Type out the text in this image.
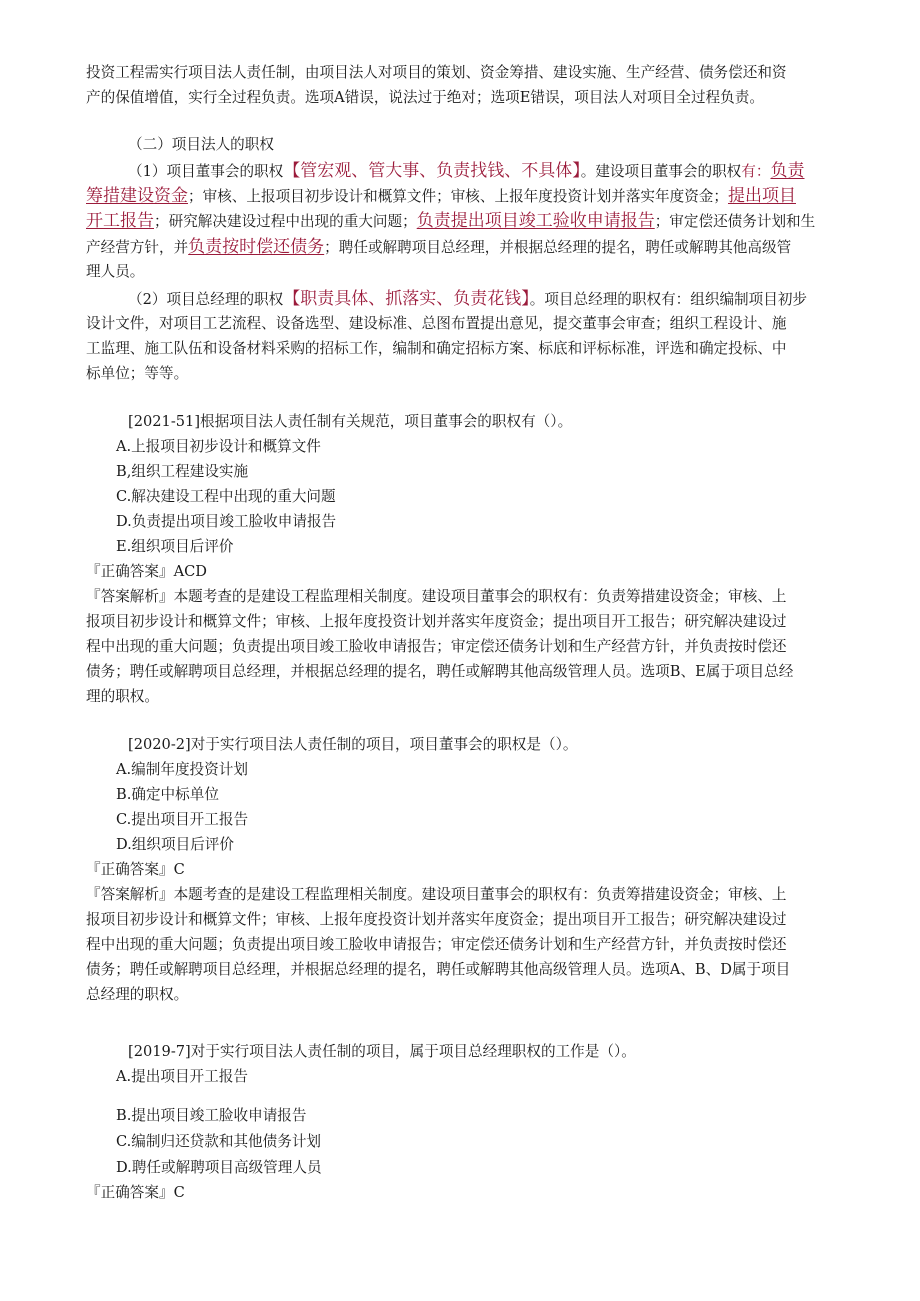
投资工程需实行项目法人责任制，由项目法人对项目的策划、资金筹措、建设实施、生产经营、债务偿还和资
产的保值增值，实行全过程负责。选项A错误，说法过于绝对；选项E错误，项目法人对项目全过程负责。
（二）项目法人的职权
（1）项目董事会的职权【管宏观、管大事、负责找钱、不具体】。建设项目董事会的职权有：负责
筹措建设资金；审核、上报项目初步设计和概算文件；审核、上报年度投资计划并落实年度资金；提出项目
开工报告；研究解决建设过程中出现的重大问题；负责提出项目竣工验收申请报告；审定偿还债务计划和生
产经营方针，并负责按时偿还债务；聘任或解聘项目总经理，并根据总经理的提名，聘任或解聘其他高级管
理人员。
（2）项目总经理的职权【职责具体、抓落实、负责花钱】。项目总经理的职权有：组织编制项目初步
设计文件，对项目工艺流程、设备选型、建设标准、总图布置提出意见，提交董事会审查；组织工程设计、施
工监理、施工队伍和设备材料采购的招标工作，编制和确定招标方案、标底和评标标准，评选和确定投标、中
标单位；等等。
[2021-51]根据项目法人责任制有关规范，项目董事会的职权有（）。
A.上报项目初步设计和概算文件
B,组织工程建设实施
C.解决建设工程中出现的重大问题
D.负责提出项目竣工脸收申请报告
E.组织项目后评价
『正确答案』ACD
『答案解析』本题考查的是建设工程监理相关制度。建设项目董事会的职权有：负责筹措建设资金；审核、上
报项目初步设计和概算文件；审核、上报年度投资计划并落实年度资金；提出项目开工报告；研究解决建设过
程中出现的重大问题；负责提出项目竣工脸收申请报告；审定偿还债务计划和生产经营方针，并负责按时偿还
债务；聘任或解聘项目总经理，并根据总经理的提名，聘任或解聘其他高级管理人员。选项B、E属于项目总经
理的职权。
[2020-2]对于实行项目法人责任制的项目，项目董事会的职权是（）。
A.编制年度投资计划
B.确定中标单位
C.提出项目开工报告
D.组织项目后评价
『正确答案』C
『答案解析』本题考查的是建设工程监理相关制度。建设项目董事会的职权有：负责筹措建设资金；审核、上
报项目初步设计和概算文件；审核、上报年度投资计划并落实年度资金；提出项目开工报告；研究解决建设过
程中出现的重大问题；负责提出项目竣工脸收申请报告；审定偿还债务计划和生产经营方针，并负责按时偿还
债务；聘任或解聘项目总经理，并根据总经理的提名，聘任或解聘其他高级管理人员。选项A、B、D属于项目
总经理的职权。
[2019-7]对于实行项目法人责任制的项目，属于项目总经理职权的工作是（）。
A.提出项目开工报告
B.提出项目竣工脸收申请报告
C.编制归还贷款和其他债务计划
D.聘任或解聘项目高级管理人员
『正确答案』C
